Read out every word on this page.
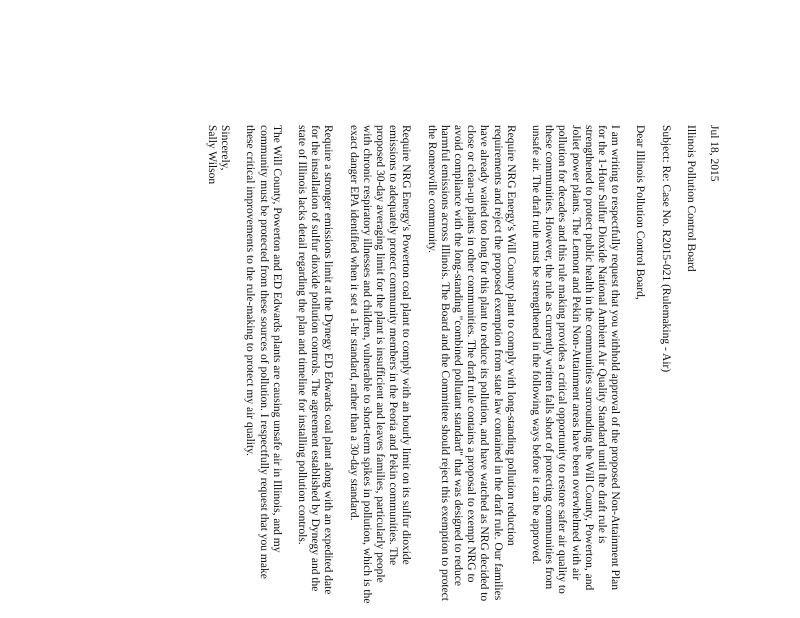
Jul 18, 2015

Illinois Pollution Control Board

Subject: Re: Case No. R2015-021 (Rulemaking - Air)

Dear Illinois Pollution Control Board,

I am writing to respectfully request that you withhold approval of the proposed Non-Attainment Plan for the 1-Hour Sulfur Dioxide National Ambient Air Quality Standard until the draft rule is strengthened to protect public health in the communities surrounding the Will County, Powerton, and Joliet power plants. The Lemont and Pekin Non-Attainment areas have been overwhelmed with air pollution for decades and this rule making provides a critical opportunity to restore safer air quality to these communities. However, the rule as currently written falls short of protecting communities from unsafe air. The draft rule must be strengthened in the following ways before it can be approved.

Require NRG Energy's Will County plant to comply with long-standing pollution reduction requirements and reject the proposed exemption from state law contained in the draft rule. Our families have already waited too long for this plant to reduce its pollution, and have watched as NRG decided to close or clean-up plants in other communities. The draft rule contains a proposal to exempt NRG to avoid compliance with the long-standing "combined pollutant standard" that was designed to reduce harmful emissions across Illinois. The Board and the Committee should reject this exemption to protect the Romeoville community.

Require NRG Energy's Powerton coal plant to comply with an hourly limit on its sulfur dioxide emissions to adequately protect community members in the Peoria and Pekin communities. The proposed 30-day averaging limit for the plant is insufficient and leaves families, particularly people with chronic respiratory illnesses and children, vulnerable to short-term spikes in pollution, which is the exact danger EPA identified when it set a 1-hr standard, rather than a 30-day standard.

Require a stronger emissions limit at the Dynegy ED Edwards coal plant along with an expedited date for the installation of sulfur dioxide pollution controls. The agreement established by Dynegy and the state of Illinois lacks detail regarding the plan and timeline for installing pollution controls.

The Will County, Powerton and ED Edwards plants are causing unsafe air in Illinois, and my community must be protected from these sources of pollution. I respectfully request that you make these critical improvements to the rule-making to protect my air quality.

Sincerely,

Sally Wilson
